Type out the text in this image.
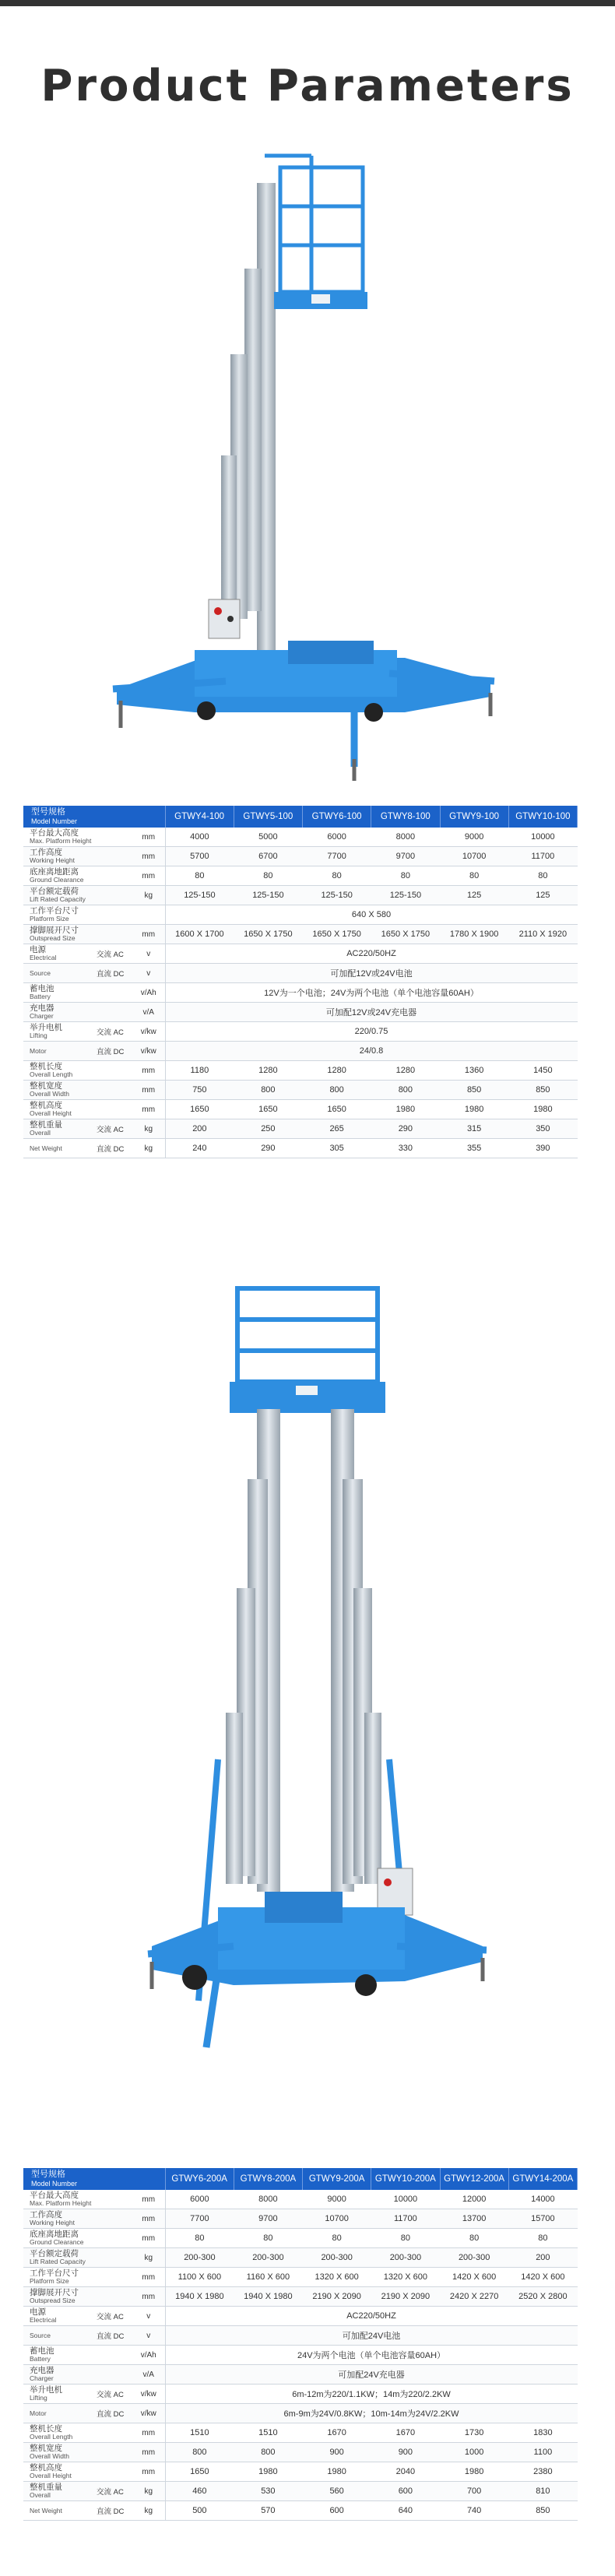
Product Parameters
型号规格
Model Number			GTWY4-100	GTWY5-100	GTWY6-100	GTWY8-100	GTWY9-100	GTWY10-100
平台最大高度
Max. Platform Height		mm	4000	5000	6000	8000	9000	10000
工作高度
Working Height		mm	5700	6700	7700	9700	10700	11700
底座离地距离
Ground Clearance		mm	80	80	80	80	80	80
平台额定载荷
Lift Rated Capacity		kg	125-150	125-150	125-150	125-150	125	125
工作平台尺寸
Platform Size			640 X 580					
撑脚展开尺寸
Outspread Size		mm	1600 X 1700	1650 X 1750	1650 X 1750	1650 X 1750	1780 X 1900	2110 X 1920
电源
Electrical	交流 AC	v	AC220/50HZ					

Source	直流 DC	v	可加配12V或24V电池					
蓄电池
Battery		v/Ah	12V为一个电池；24V为两个电池（单个电池容量60AH）					
充电器
Charger		v/A	可加配12V或24V充电器					
举升电机
Lifting	交流 AC	v/kw	220/0.75					

Motor	直流 DC	v/kw	24/0.8					
整机长度
Overall Length		mm	1180	1280	1280	1280	1360	1450
整机宽度
Overall Width		mm	750	800	800	800	850	850
整机高度
Overall Height		mm	1650	1650	1650	1980	1980	1980
整机重量
Overall	交流 AC	kg	200	250	265	290	315	350

Net Weight	直流 DC	kg	240	290	305	330	355	390
型号规格
Model Number			GTWY6-200A	GTWY8-200A	GTWY9-200A	GTWY10-200A	GTWY12-200A	GTWY14-200A
平台最大高度
Max. Platform Height		mm	6000	8000	9000	10000	12000	14000
工作高度
Working Height		mm	7700	9700	10700	11700	13700	15700
底座离地距离
Ground Clearance		mm	80	80	80	80	80	80
平台额定载荷
Lift Rated Capacity		kg	200-300	200-300	200-300	200-300	200-300	200
工作平台尺寸
Platform Size		mm	1100 X 600	1160 X 600	1320 X 600	1320 X 600	1420 X 600	1420 X 600
撑脚展开尺寸
Outspread Size		mm	1940 X 1980	1940 X 1980	2190 X 2090	2190 X 2090	2420 X 2270	2520 X 2800
电源
Electrical	交流 AC	v	AC220/50HZ					

Source	直流 DC	v	可加配24V电池					
蓄电池
Battery		v/Ah	24V为两个电池（单个电池容量60AH）					
充电器
Charger		v/A	可加配24V充电器					
举升电机
Lifting	交流 AC	v/kw	6m-12m为220/1.1KW；14m为220/2.2KW					

Motor	直流 DC	v/kw	6m-9m为24V/0.8KW；10m-14m为24V/2.2KW					
整机长度
Overall Length		mm	1510	1510	1670	1670	1730	1830
整机宽度
Overall Width		mm	800	800	900	900	1000	1100
整机高度
Overall Height		mm	1650	1980	1980	2040	1980	2380
整机重量
Overall	交流 AC	kg	460	530	560	600	700	810

Net Weight	直流 DC	kg	500	570	600	640	740	850
